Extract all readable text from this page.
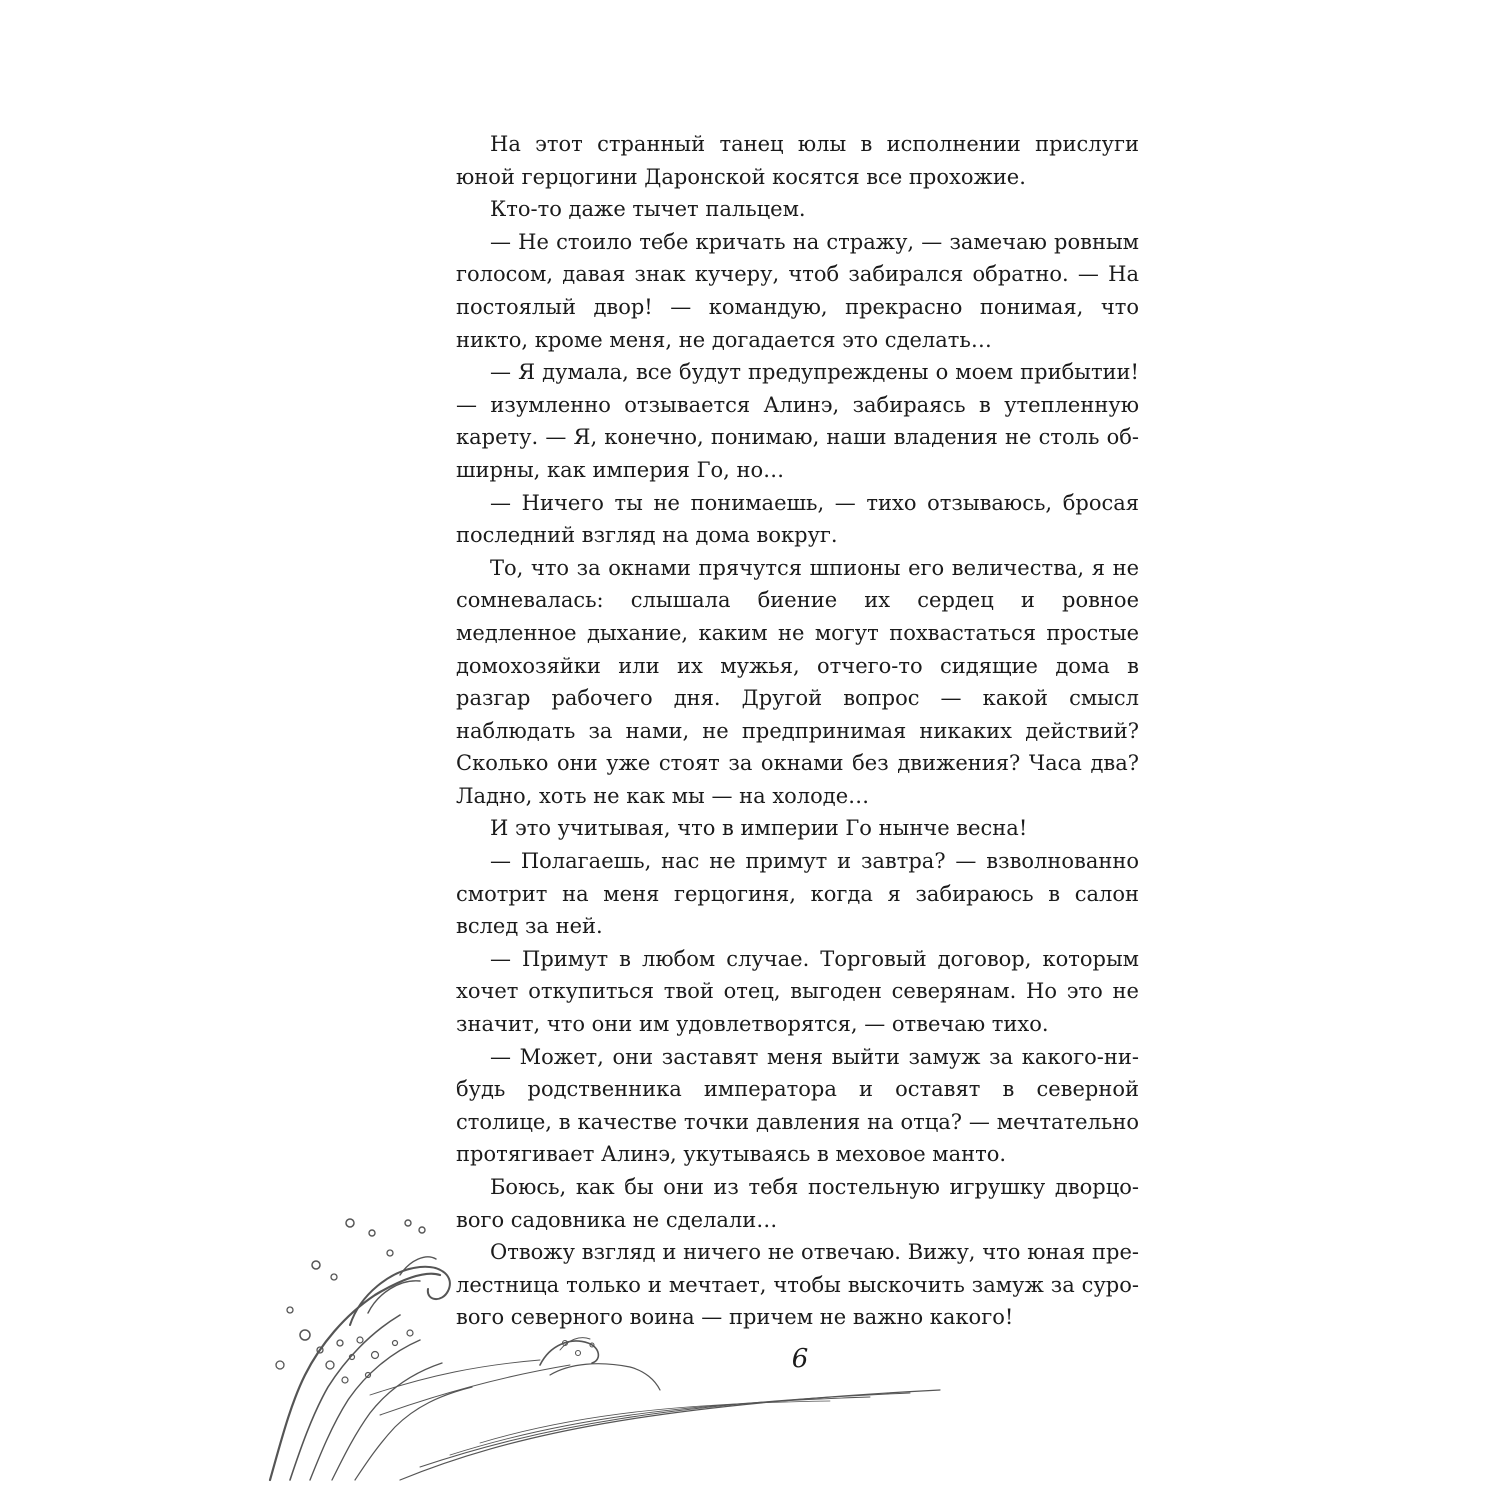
На этот странный танец юлы в исполнении прислуги юной герцогини Даронской косятся все прохожие.

Кто-то даже тычет пальцем.

— Не стоило тебе кричать на стражу, — замечаю ровным голосом, давая знак кучеру, чтоб забирался обратно. — На постоялый двор! — командую, прекрасно понимая, что никто, кроме меня, не догадается это сделать…

— Я думала, все будут предупреждены о моем прибытии! — изумленно отзывается Алинэ, забираясь в утепленную карету. — Я, конечно, понимаю, наши владения не столь обширны, как империя Го, но…

— Ничего ты не понимаешь, — тихо отзываюсь, бросая последний взгляд на дома вокруг.

То, что за окнами прячутся шпионы его величества, я не сомневалась: слышала биение их сердец и ровное медленное дыхание, каким не могут похвастаться простые домохозяйки или их мужья, отчего-то сидящие дома в разгар рабочего дня. Другой вопрос — какой смысл наблюдать за нами, не предпринимая никаких действий? Сколько они уже стоят за окнами без движения? Часа два? Ладно, хоть не как мы — на холоде…

И это учитывая, что в империи Го нынче весна!

— Полагаешь, нас не примут и завтра? — взволнованно смотрит на меня герцогиня, когда я забираюсь в салон вслед за ней.

— Примут в любом случае. Торговый договор, которым хочет откупиться твой отец, выгоден северянам. Но это не значит, что они им удовлетворятся, — отвечаю тихо.

— Может, они заставят меня выйти замуж за какого-нибудь родственника императора и оставят в северной столице, в качестве точки давления на отца? — мечтательно протягивает Алинэ, укутываясь в меховое манто.

Боюсь, как бы они из тебя постельную игрушку дворцового садовника не сделали…

Отвожу взгляд и ничего не отвечаю. Вижу, что юная прелестница только и мечтает, чтобы выскочить замуж за сурового северного воина — причем не важно какого!

6
